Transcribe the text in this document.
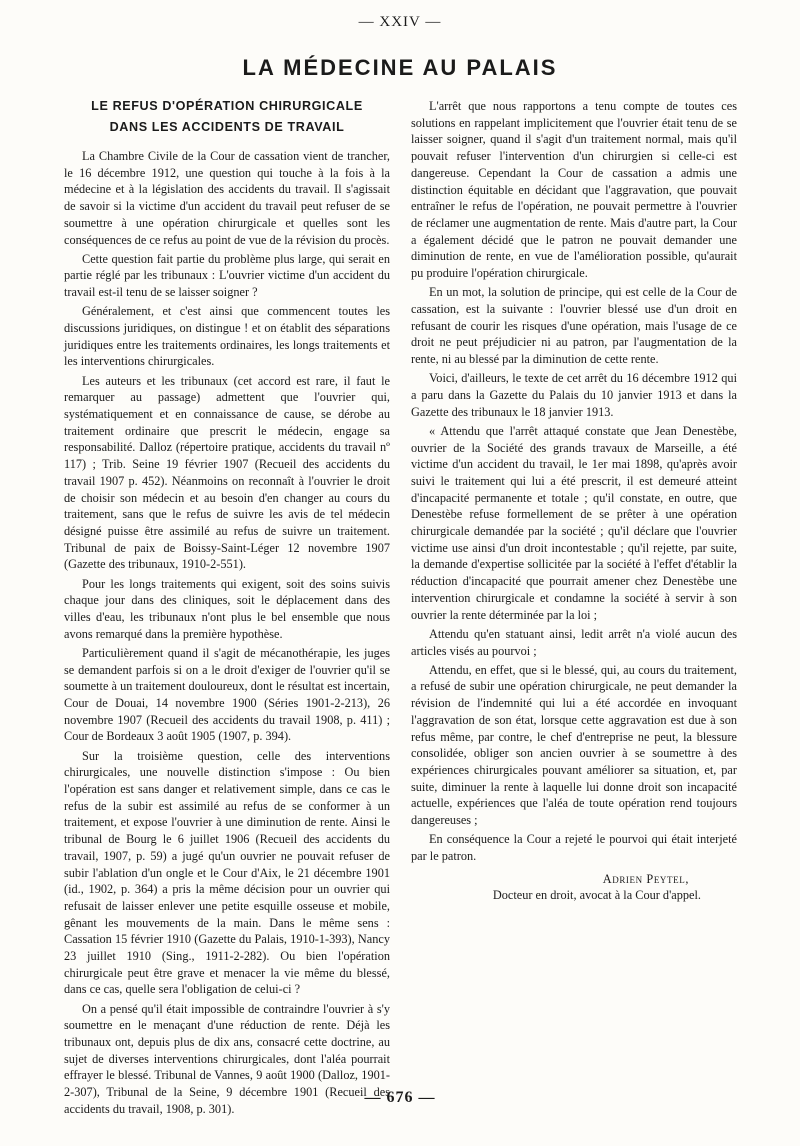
— XXIV —
LA MÉDECINE AU PALAIS
LE REFUS D'OPÉRATION CHIRURGICALE
DANS LES ACCIDENTS DE TRAVAIL

La Chambre Civile de la Cour de cassation vient de trancher, le 16 décembre 1912, une question qui touche à la fois à la médecine et à la législation des accidents du travail. Il s'agissait de savoir si la victime d'un accident du travail peut refuser de se soumettre à une opération chirurgicale et quelles sont les conséquences de ce refus au point de vue de la révision du procès.

Cette question fait partie du problème plus large, qui serait en partie réglé par les tribunaux : L'ouvrier victime d'un accident du travail est-il tenu de se laisser soigner ?

Généralement, et c'est ainsi que commencent toutes les discussions juridiques, on distingue ! et on établit des séparations juridiques entre les traitements ordinaires, les longs traitements et les interventions chirurgicales.

Les auteurs et les tribunaux (cet accord est rare, il faut le remarquer au passage) admettent que l'ouvrier qui, systématiquement et en connaissance de cause, se dérobe au traitement ordinaire que prescrit le médecin, engage sa responsabilité. Dalloz (répertoire pratique, accidents du travail nº 117) ; Trib. Seine 19 février 1907 (Recueil des accidents du travail 1907 p. 452). Néanmoins on reconnaît à l'ouvrier le droit de choisir son médecin et au besoin d'en changer au cours du traitement, sans que le refus de suivre les avis de tel médecin désigné puisse être assimilé au refus de suivre un traitement. Tribunal de paix de Boissy-Saint-Léger 12 novembre 1907 (Gazette des tribunaux, 1910-2-551).

Pour les longs traitements qui exigent, soit des soins suivis chaque jour dans des cliniques, soit le déplacement dans des villes d'eau, les tribunaux n'ont plus le bel ensemble que nous avons remarqué dans la première hypothèse.

Particulièrement quand il s'agit de mécanothérapie, les juges se demandent parfois si on a le droit d'exiger de l'ouvrier qu'il se soumette à un traitement douloureux, dont le résultat est incertain, Cour de Douai, 14 novembre 1900 (Séries 1901-2-213), 26 novembre 1907 (Recueil des accidents du travail 1908, p. 411) ; Cour de Bordeaux 3 août 1905 (1907, p. 394).

Sur la troisième question, celle des interventions chirurgicales, une nouvelle distinction s'impose : Ou bien l'opération est sans danger et relativement simple, dans ce cas le refus de la subir est assimilé au refus de se conformer à un traitement, et expose l'ouvrier à une diminution de rente. Ainsi le tribunal de Bourg le 6 juillet 1906 (Recueil des accidents du travail, 1907, p. 59) a jugé qu'un ouvrier ne pouvait refuser de subir l'ablation d'un ongle et le Cour d'Aix, le 21 décembre 1901 (id., 1902, p. 364) a pris la même décision pour un ouvrier qui refusait de laisser enlever une petite esquille osseuse et mobile, gênant les mouvements de la main. Dans le même sens : Cassation 15 février 1910 (Gazette du Palais, 1910-1-393), Nancy 23 juillet 1910 (Sing., 1911-2-282). Ou bien l'opération chirurgicale peut être grave et menacer la vie même du blessé, dans ce cas, quelle sera l'obligation de celui-ci ?

On a pensé qu'il était impossible de contraindre l'ouvrier à s'y soumettre en le menaçant d'une réduction de rente. Déjà les tribunaux ont, depuis plus de dix ans, consacré cette doctrine, au sujet de diverses interventions chirurgicales, dont l'aléa pourrait effrayer le blessé. Tribunal de Vannes, 9 août 1900 (Dalloz, 1901-2-307), Tribunal de la Seine, 9 décembre 1901 (Recueil des accidents du travail, 1908, p. 301).

L'arrêt que nous rapportons a tenu compte de toutes ces solutions en rappelant implicitement que l'ouvrier était tenu de se laisser soigner, quand il s'agit d'un traitement normal, mais qu'il pouvait refuser l'intervention d'un chirurgien si celle-ci est dangereuse. Cependant la Cour de cassation a admis une distinction équitable en décidant que l'aggravation, que pouvait entraîner le refus de l'opération, ne pouvait permettre à l'ouvrier de réclamer une augmentation de rente. Mais d'autre part, la Cour a également décidé que le patron ne pouvait demander une diminution de rente, en vue de l'amélioration possible, qu'aurait pu produire l'opération chirurgicale.

En un mot, la solution de principe, qui est celle de la Cour de cassation, est la suivante : l'ouvrier blessé use d'un droit en refusant de courir les risques d'une opération, mais l'usage de ce droit ne peut préjudicier ni au patron, par l'augmentation de la rente, ni au blessé par la diminution de cette rente.

Voici, d'ailleurs, le texte de cet arrêt du 16 décembre 1912 qui a paru dans la Gazette du Palais du 10 janvier 1913 et dans la Gazette des tribunaux le 18 janvier 1913.

« Attendu que l'arrêt attaqué constate que Jean Denestèbe, ouvrier de la Société des grands travaux de Marseille, a été victime d'un accident du travail, le 1er mai 1898, qu'après avoir suivi le traitement qui lui a été prescrit, il est demeuré atteint d'incapacité permanente et totale ; qu'il constate, en outre, que Denestèbe refuse formellement de se prêter à une opération chirurgicale demandée par la société ; qu'il déclare que l'ouvrier victime use ainsi d'un droit incontestable ; qu'il rejette, par suite, la demande d'expertise sollicitée par la société à l'effet d'établir la réduction d'incapacité que pourrait amener chez Denestèbe une intervention chirurgicale et condamne la société à servir à son ouvrier la rente déterminée par la loi ;

Attendu qu'en statuant ainsi, ledit arrêt n'a violé aucun des articles visés au pourvoi ;

Attendu, en effet, que si le blessé, qui, au cours du traitement, a refusé de subir une opération chirurgicale, ne peut demander la révision de l'indemnité qui lui a été accordée en invoquant l'aggravation de son état, lorsque cette aggravation est due à son refus même, par contre, le chef d'entreprise ne peut, la blessure consolidée, obliger son ancien ouvrier à se soumettre à des expériences chirurgicales pouvant améliorer sa situation, et, par suite, diminuer la rente à laquelle lui donne droit son incapacité actuelle, expériences que l'aléa de toute opération rend toujours dangereuses ;

En conséquence la Cour a rejeté le pourvoi qui était interjeté par le patron.

Adrien Peytel,
Docteur en droit, avocat à la Cour d'appel.
— 676 —
